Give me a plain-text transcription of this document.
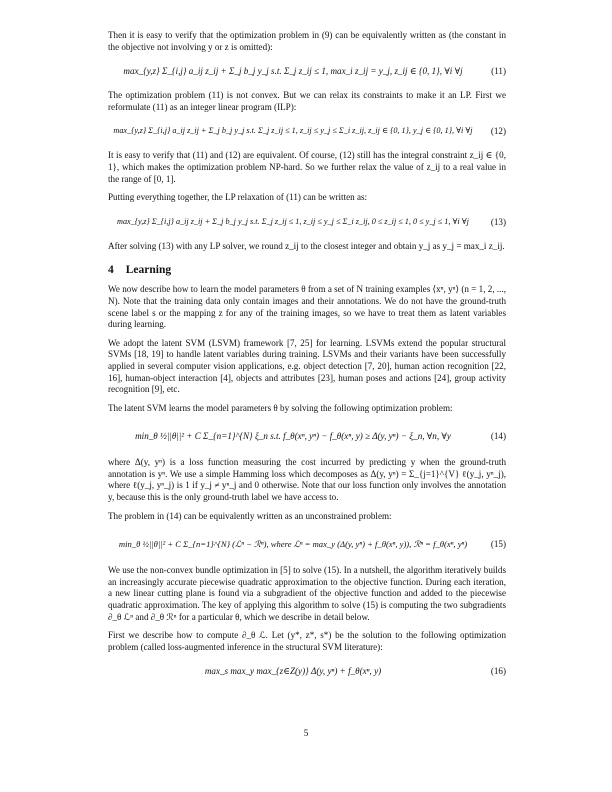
Then it is easy to verify that the optimization problem in (9) can be equivalently written as (the constant in the objective not involving y or z is omitted):

max_{y,z} Σ_{i,j} a_ij z_ij + Σ_j b_j y_j s.t. Σ_j z_ij ≤ 1, max_i z_ij = y_j, z_ij ∈ {0, 1}, ∀i ∀j	(11)

The optimization problem (11) is not convex. But we can relax its constraints to make it an LP. First we reformulate (11) as an integer linear program (ILP):

max_{y,z} Σ_{i,j} a_ij z_ij + Σ_j b_j y_j s.t. Σ_j z_ij ≤ 1, z_ij ≤ y_j ≤ Σ_i z_ij, z_ij ∈ {0, 1}, y_j ∈ {0, 1}, ∀i ∀j	(12)

It is easy to verify that (11) and (12) are equivalent. Of course, (12) still has the integral constraint z_ij ∈ {0, 1}, which makes the optimization problem NP-hard. So we further relax the value of z_ij to a real value in the range of [0, 1].

Putting everything together, the LP relaxation of (11) can be written as:

max_{y,z} Σ_{i,j} a_ij z_ij + Σ_j b_j y_j s.t. Σ_j z_ij ≤ 1, z_ij ≤ y_j ≤ Σ_i z_ij, 0 ≤ z_ij ≤ 1, 0 ≤ y_j ≤ 1, ∀i ∀j	(13)

After solving (13) with any LP solver, we round z_ij to the closest integer and obtain y_j as y_j = max_i z_ij.

4 Learning

We now describe how to learn the model parameters θ from a set of N training examples ⟨xⁿ, yⁿ⟩ (n = 1, 2, ..., N). Note that the training data only contain images and their annotations. We do not have the ground-truth scene label s or the mapping z for any of the training images, so we have to treat them as latent variables during learning.

We adopt the latent SVM (LSVM) framework [7, 25] for learning. LSVMs extend the popular structural SVMs [18, 19] to handle latent variables during training. LSVMs and their variants have been successfully applied in several computer vision applications, e.g. object detection [7, 20], human action recognition [22, 16], human-object interaction [4], objects and attributes [23], human poses and actions [24], group activity recognition [9], etc.

The latent SVM learns the model parameters θ by solving the following optimization problem:

min_θ ½||θ||² + C Σ_{n=1}^{N} ξ_n s.t. f_θ(xⁿ, yⁿ) − f_θ(xⁿ, y) ≥ Δ(y, yⁿ) − ξ_n, ∀n, ∀y	(14)

where Δ(y, yⁿ) is a loss function measuring the cost incurred by predicting y when the ground-truth annotation is yⁿ. We use a simple Hamming loss which decomposes as Δ(y, yⁿ) = Σ_{j=1}^{V} ℓ(y_j, yⁿ_j), where ℓ(y_j, yⁿ_j) is 1 if y_j ≠ yⁿ_j and 0 otherwise. Note that our loss function only involves the annotation y, because this is the only ground-truth label we have access to.

The problem in (14) can be equivalently written as an unconstrained problem:

min_θ ½||θ||² + C Σ_{n=1}^{N} (ℒⁿ − ℛⁿ), where ℒⁿ = max_y (Δ(y, yⁿ) + f_θ(xⁿ, y)), ℛⁿ = f_θ(xⁿ, yⁿ)	(15)

We use the non-convex bundle optimization in [5] to solve (15). In a nutshell, the algorithm iteratively builds an increasingly accurate piecewise quadratic approximation to the objective function. During each iteration, a new linear cutting plane is found via a subgradient of the objective function and added to the piecewise quadratic approximation. The key of applying this algorithm to solve (15) is computing the two subgradients ∂_θ ℒⁿ and ∂_θ ℛⁿ for a particular θ, which we describe in detail below.

First we describe how to compute ∂_θ ℒ. Let (y*, z*, s*) be the solution to the following optimization problem (called loss-augmented inference in the structural SVM literature):

max_s max_y max_{z∈Z(y)} Δ(y, yⁿ) + f_θ(xⁿ, y)	(16)
5
